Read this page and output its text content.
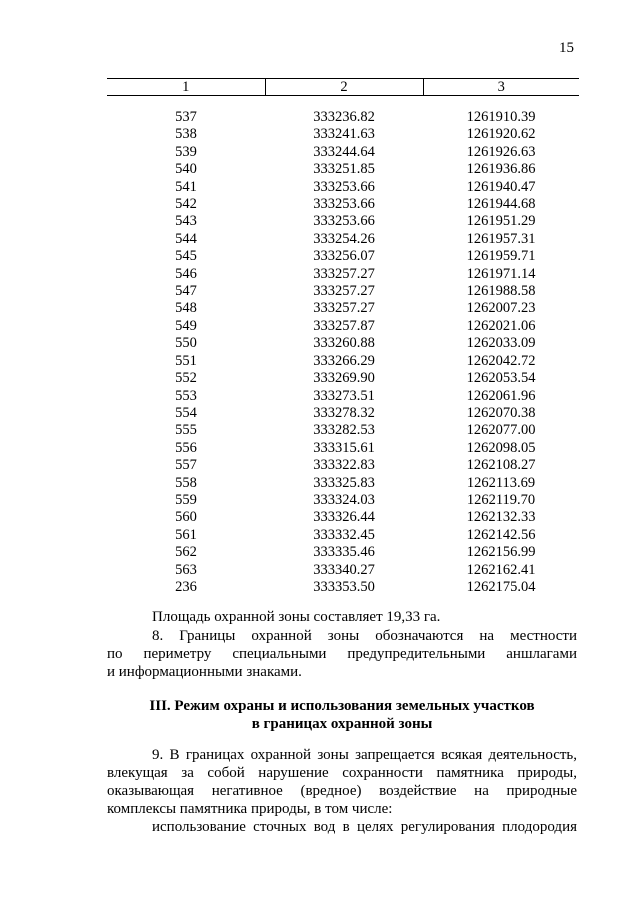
15
1	2	3
537	333236.82	1261910.39
538	333241.63	1261920.62
539	333244.64	1261926.63
540	333251.85	1261936.86
541	333253.66	1261940.47
542	333253.66	1261944.68
543	333253.66	1261951.29
544	333254.26	1261957.31
545	333256.07	1261959.71
546	333257.27	1261971.14
547	333257.27	1261988.58
548	333257.27	1262007.23
549	333257.87	1262021.06
550	333260.88	1262033.09
551	333266.29	1262042.72
552	333269.90	1262053.54
553	333273.51	1262061.96
554	333278.32	1262070.38
555	333282.53	1262077.00
556	333315.61	1262098.05
557	333322.83	1262108.27
558	333325.83	1262113.69
559	333324.03	1262119.70
560	333326.44	1262132.33
561	333332.45	1262142.56
562	333335.46	1262156.99
563	333340.27	1262162.41
236	333353.50	1262175.04
Площадь охранной зоны составляет 19,33 га.
8. Границы охранной зоны обозначаются на местности
по периметру специальными предупредительными аншлагами
и информационными знаками.
III. Режим охраны и использования земельных участков
в границах охранной зоны
9. В границах охранной зоны запрещается всякая деятельность,
влекущая за собой нарушение сохранности памятника природы,
оказывающая негативное (вредное) воздействие на природные
комплексы памятника природы, в том числе:
использование сточных вод в целях регулирования плодородия
